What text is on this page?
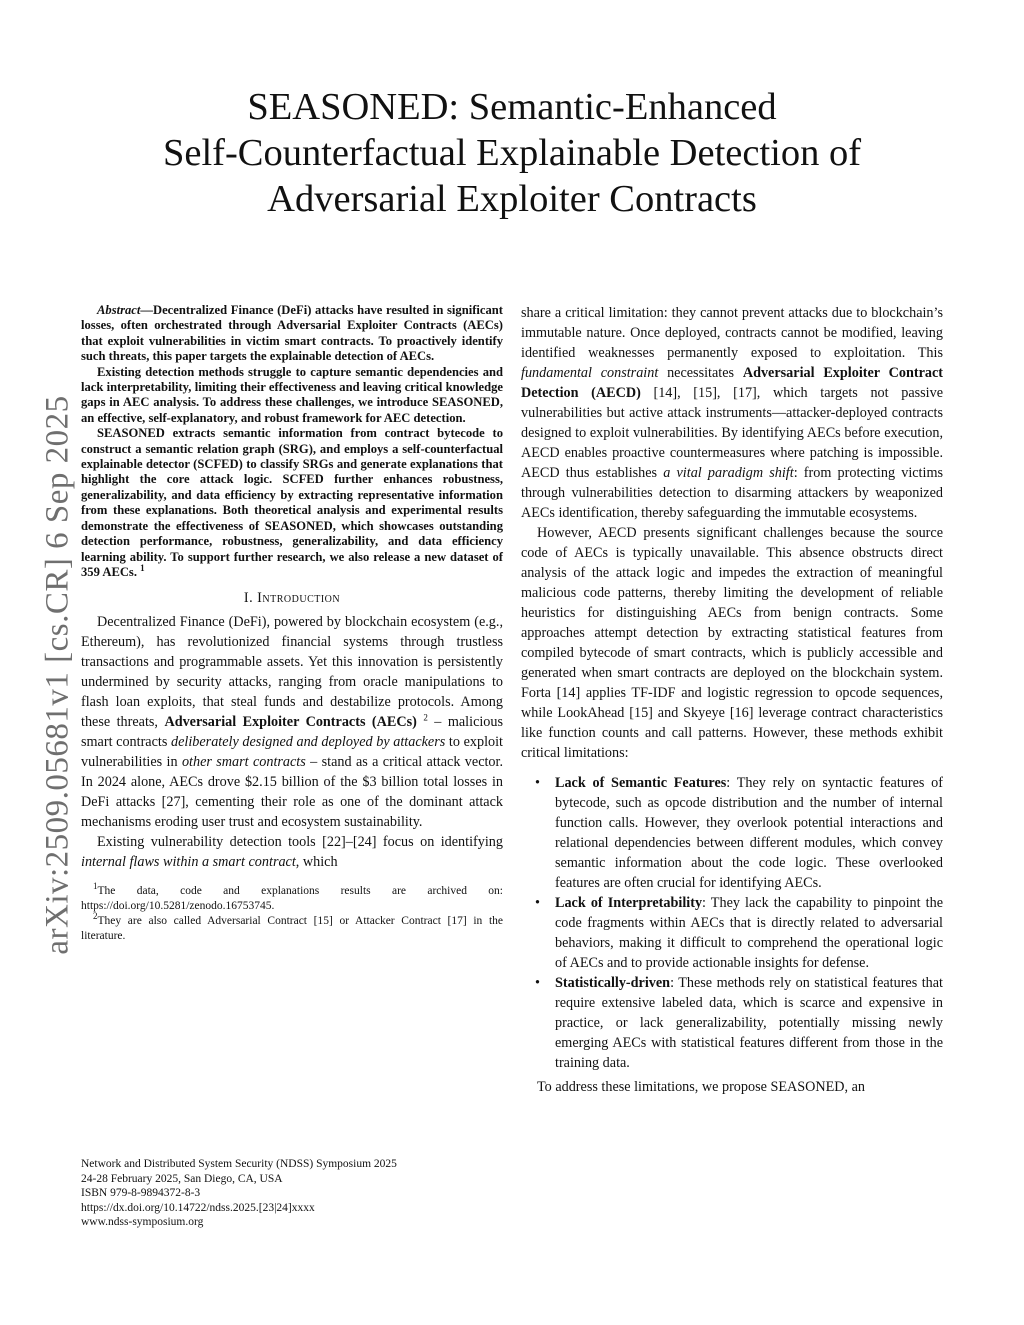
arXiv:2509.05681v1 [cs.CR] 6 Sep 2025
SEASONED: Semantic-Enhanced
Self-Counterfactual Explainable Detection of
Adversarial Exploiter Contracts

Abstract—Decentralized Finance (DeFi) attacks have resulted in significant losses, often orchestrated through Adversarial Exploiter Contracts (AECs) that exploit vulnerabilities in victim smart contracts. To proactively identify such threats, this paper targets the explainable detection of AECs.

Existing detection methods struggle to capture semantic dependencies and lack interpretability, limiting their effectiveness and leaving critical knowledge gaps in AEC analysis. To address these challenges, we introduce SEASONED, an effective, self-explanatory, and robust framework for AEC detection.

SEASONED extracts semantic information from contract bytecode to construct a semantic relation graph (SRG), and employs a self-counterfactual explainable detector (SCFED) to classify SRGs and generate explanations that highlight the core attack logic. SCFED further enhances robustness, generalizability, and data efficiency by extracting representative information from these explanations. Both theoretical analysis and experimental results demonstrate the effectiveness of SEASONED, which showcases outstanding detection performance, robustness, generalizability, and data efficiency learning ability. To support further research, we also release a new dataset of 359 AECs. $^1$

I. Introduction

Decentralized Finance (DeFi), powered by blockchain ecosystem (e.g., Ethereum), has revolutionized financial systems through trustless transactions and programmable assets. Yet this innovation is persistently undermined by security attacks, ranging from oracle manipulations to flash loan exploits, that steal funds and destabilize protocols. Among these threats, Adversarial Exploiter Contracts (AECs) $^2$ – malicious smart contracts deliberately designed and deployed by attackers to exploit vulnerabilities in other smart contracts – stand as a critical attack vector. In 2024 alone, AECs drove $2.15 billion of the $3 billion total losses in DeFi attacks [27], cementing their role as one of the dominant attack mechanisms eroding user trust and ecosystem sustainability.

Existing vulnerability detection tools [22]–[24] focus on identifying internal flaws within a smart contract, which

$^1$The data, code and explanations results are archived on: https://doi.org/10.5281/zenodo.16753745.

$^2$They are also called Adversarial Contract [15] or Attacker Contract [17] in the literature.

Network and Distributed System Security (NDSS) Symposium 2025
24-28 February 2025, San Diego, CA, USA
ISBN 979-8-9894372-8-3
https://dx.doi.org/10.14722/ndss.2025.[23|24]xxxx
www.ndss-symposium.org

share a critical limitation: they cannot prevent attacks due to blockchain’s immutable nature. Once deployed, contracts cannot be modified, leaving identified weaknesses permanently exposed to exploitation. This fundamental constraint necessitates Adversarial Exploiter Contract Detection (AECD) [14], [15], [17], which targets not passive vulnerabilities but active attack instruments—attacker-deployed contracts designed to exploit vulnerabilities. By identifying AECs before execution, AECD enables proactive countermeasures where patching is impossible. AECD thus establishes a vital paradigm shift: from protecting victims through vulnerabilities detection to disarming attackers by weaponized AECs identification, thereby safeguarding the immutable ecosystems.

However, AECD presents significant challenges because the source code of AECs is typically unavailable. This absence obstructs direct analysis of the attack logic and impedes the extraction of meaningful malicious code patterns, thereby limiting the development of reliable heuristics for distinguishing AECs from benign contracts. Some approaches attempt detection by extracting statistical features from compiled bytecode of smart contracts, which is publicly accessible and generated when smart contracts are deployed on the blockchain system. Forta [14] applies TF-IDF and logistic regression to opcode sequences, while LookAhead [15] and Skyeye [16] leverage contract characteristics like function counts and call patterns. However, these methods exhibit critical limitations:

• Lack of Semantic Features: They rely on syntactic features of bytecode, such as opcode distribution and the number of internal function calls. However, they overlook potential interactions and relational dependencies between different modules, which convey semantic information about the code logic. These overlooked features are often crucial for identifying AECs.
• Lack of Interpretability: They lack the capability to pinpoint the code fragments within AECs that is directly related to adversarial behaviors, making it difficult to comprehend the operational logic of AECs and to provide actionable insights for defense.
• Statistically-driven: These methods rely on statistical features that require extensive labeled data, which is scarce and expensive in practice, or lack generalizability, potentially missing newly emerging AECs with statistical features different from those in the training data.

To address these limitations, we propose SEASONED, an
